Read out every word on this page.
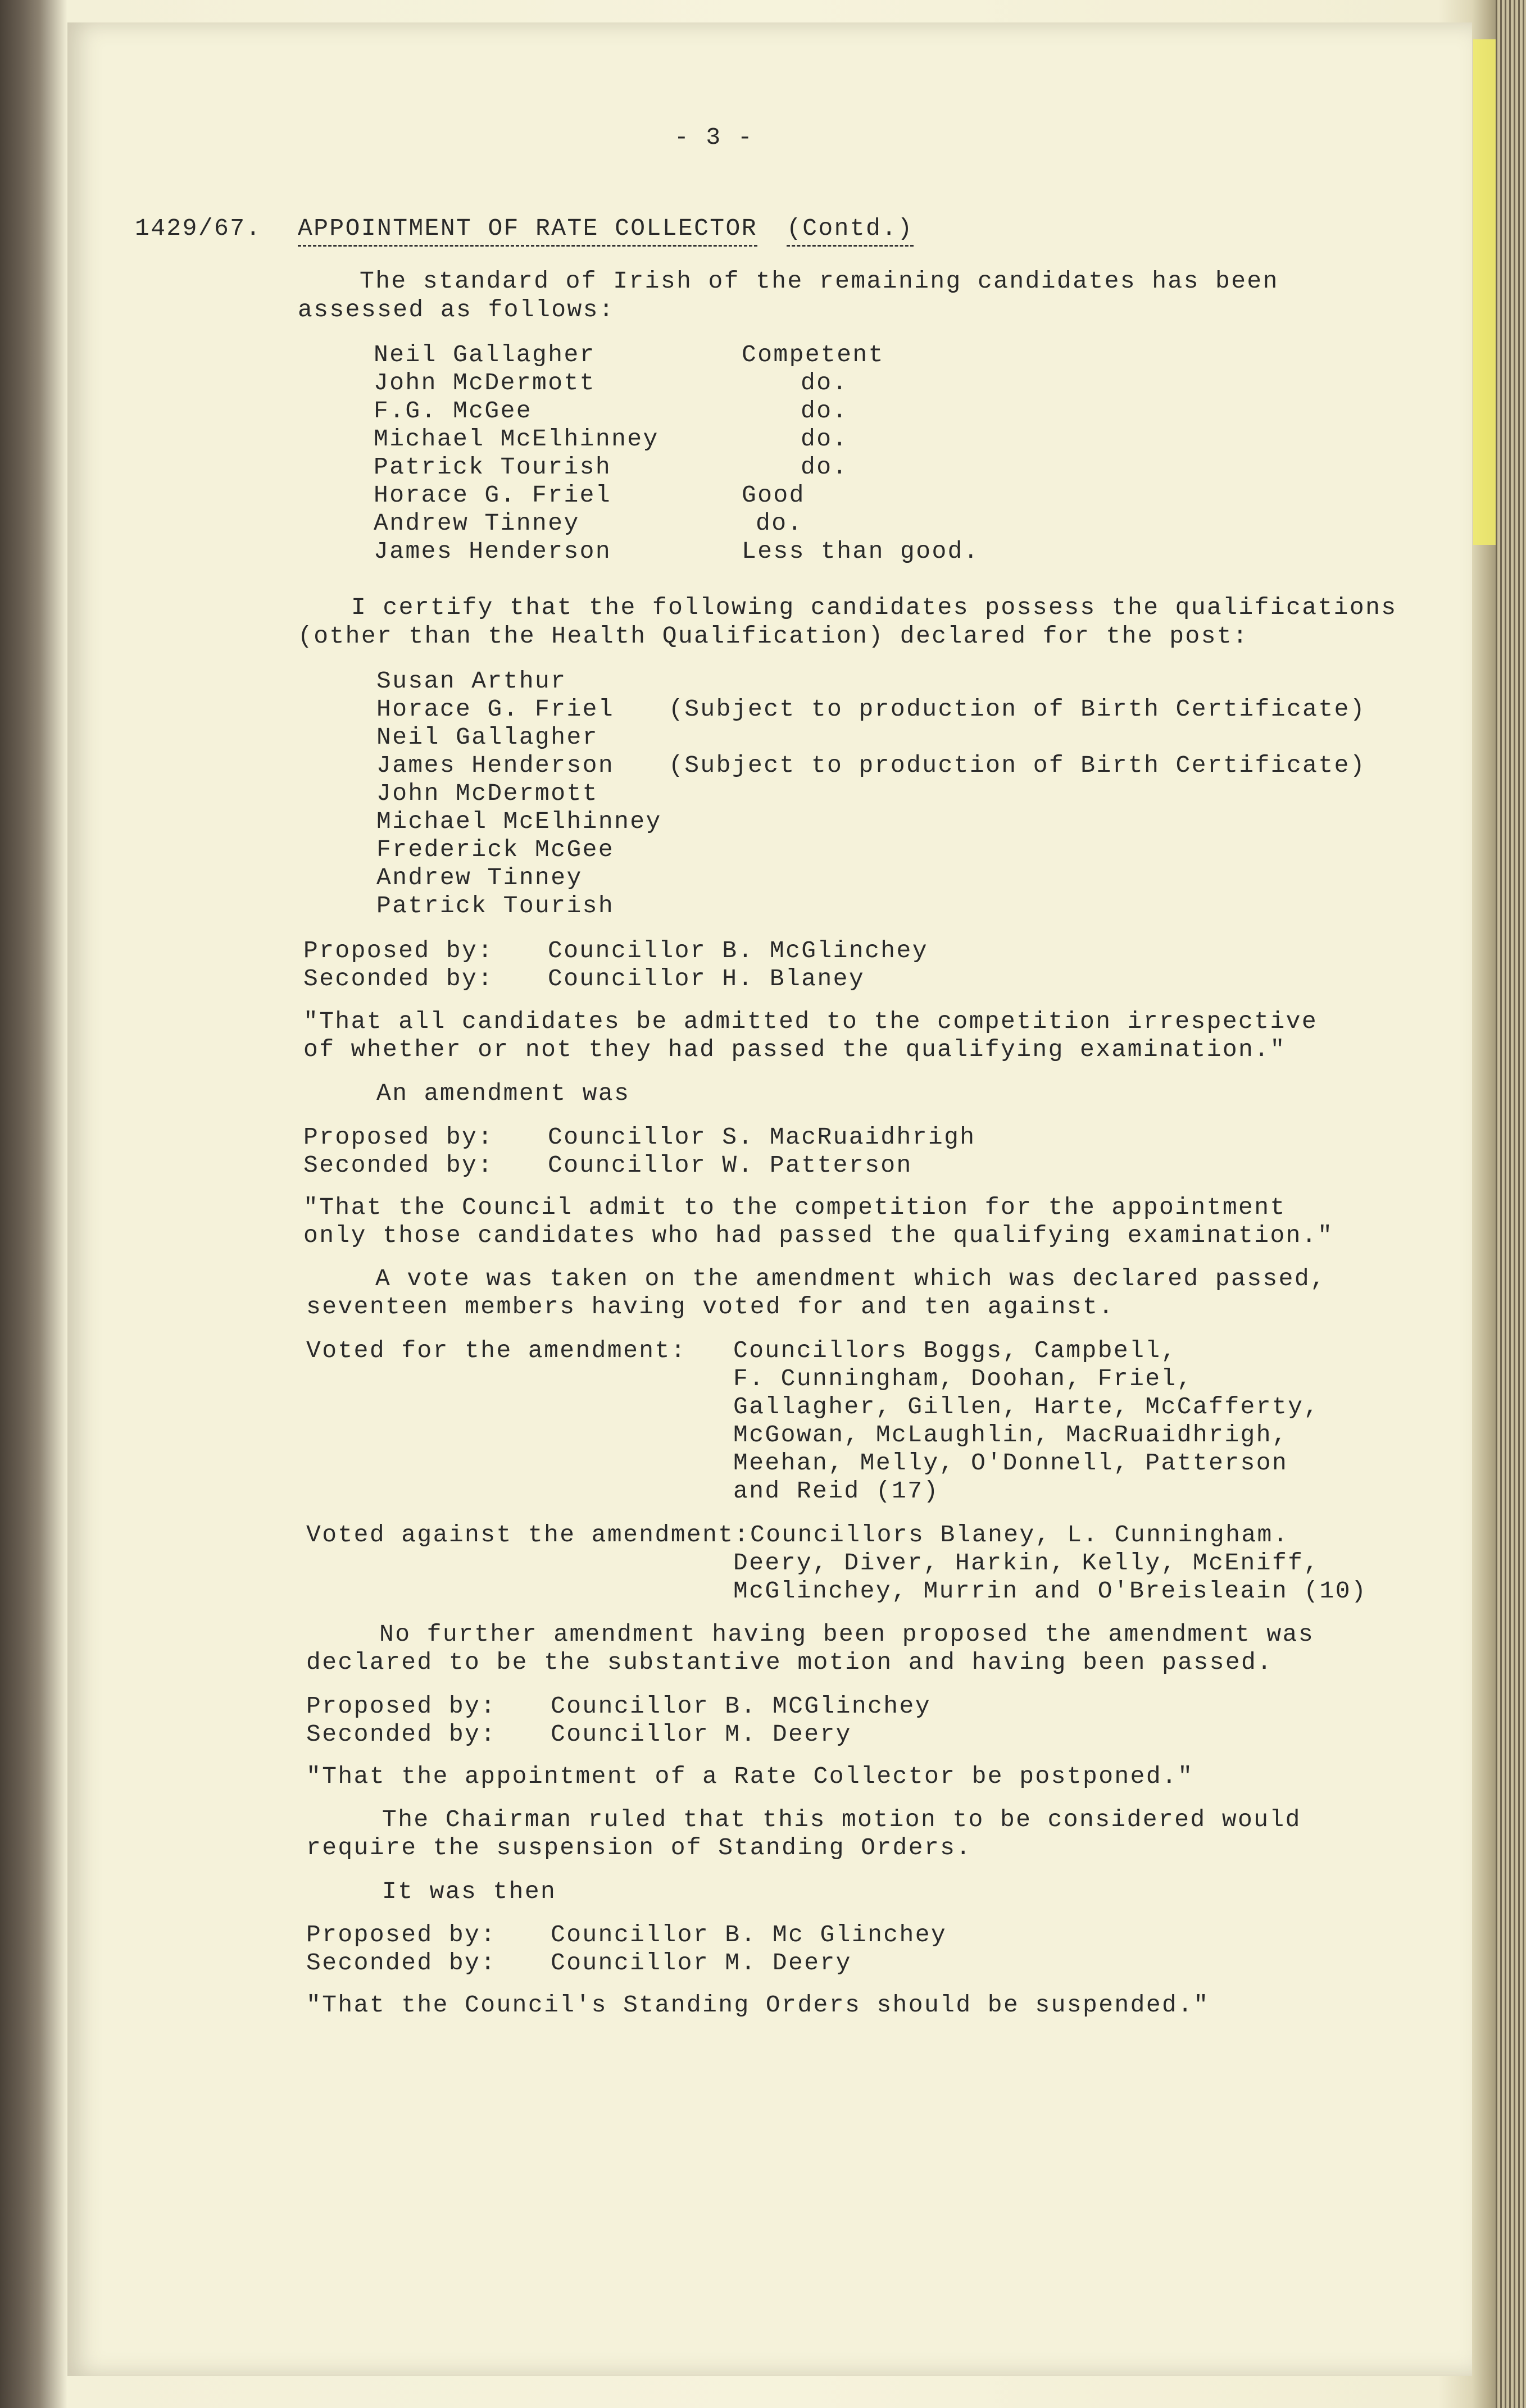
- 3 -
1429/67. APPOINTMENT OF RATE COLLECTOR (Contd.)
The standard of Irish of the remaining candidates has been
assessed as follows:
Neil Gallagher	Competent
John McDermott	do.
F.G. McGee	do.
Michael McElhinney	do.
Patrick Tourish	do.
Horace G. Friel	Good
Andrew Tinney	do.
James Henderson	Less than good.
I certify that the following candidates possess the qualifications
(other than the Health Qualification) declared for the post:
Susan Arthur
Horace G. Friel (Subject to production of Birth Certificate)
Neil Gallagher
James Henderson (Subject to production of Birth Certificate)
John McDermott
Michael McElhinney
Frederick McGee
Andrew Tinney
Patrick Tourish
Proposed by: Councillor B. McGlinchey
Seconded by: Councillor H. Blaney
"That all candidates be admitted to the competition irrespective
of whether or not they had passed the qualifying examination."
An amendment was
Proposed by: Councillor S. MacRuaidhrigh
Seconded by: Councillor W. Patterson
"That the Council admit to the competition for the appointment
only those candidates who had passed the qualifying examination."
A vote was taken on the amendment which was declared passed,
seventeen members having voted for and ten against.
Voted for the amendment: Councillors Boggs, Campbell,
F. Cunningham, Doohan, Friel,
Gallagher, Gillen, Harte, McCafferty,
McGowan, McLaughlin, MacRuaidhrigh,
Meehan, Melly, O'Donnell, Patterson
and Reid (17)
Voted against the amendment: Councillors Blaney, L. Cunningham.
Deery, Diver, Harkin, Kelly, McEniff,
McGlinchey, Murrin and O'Breisleain (10)
No further amendment having been proposed the amendment was
declared to be the substantive motion and having been passed.
Proposed by: Councillor B. MCGlinchey
Seconded by: Councillor M. Deery
"That the appointment of a Rate Collector be postponed."
The Chairman ruled that this motion to be considered would
require the suspension of Standing Orders.
It was then
Proposed by: Councillor B. Mc Glinchey
Seconded by: Councillor M. Deery
"That the Council's Standing Orders should be suspended."
